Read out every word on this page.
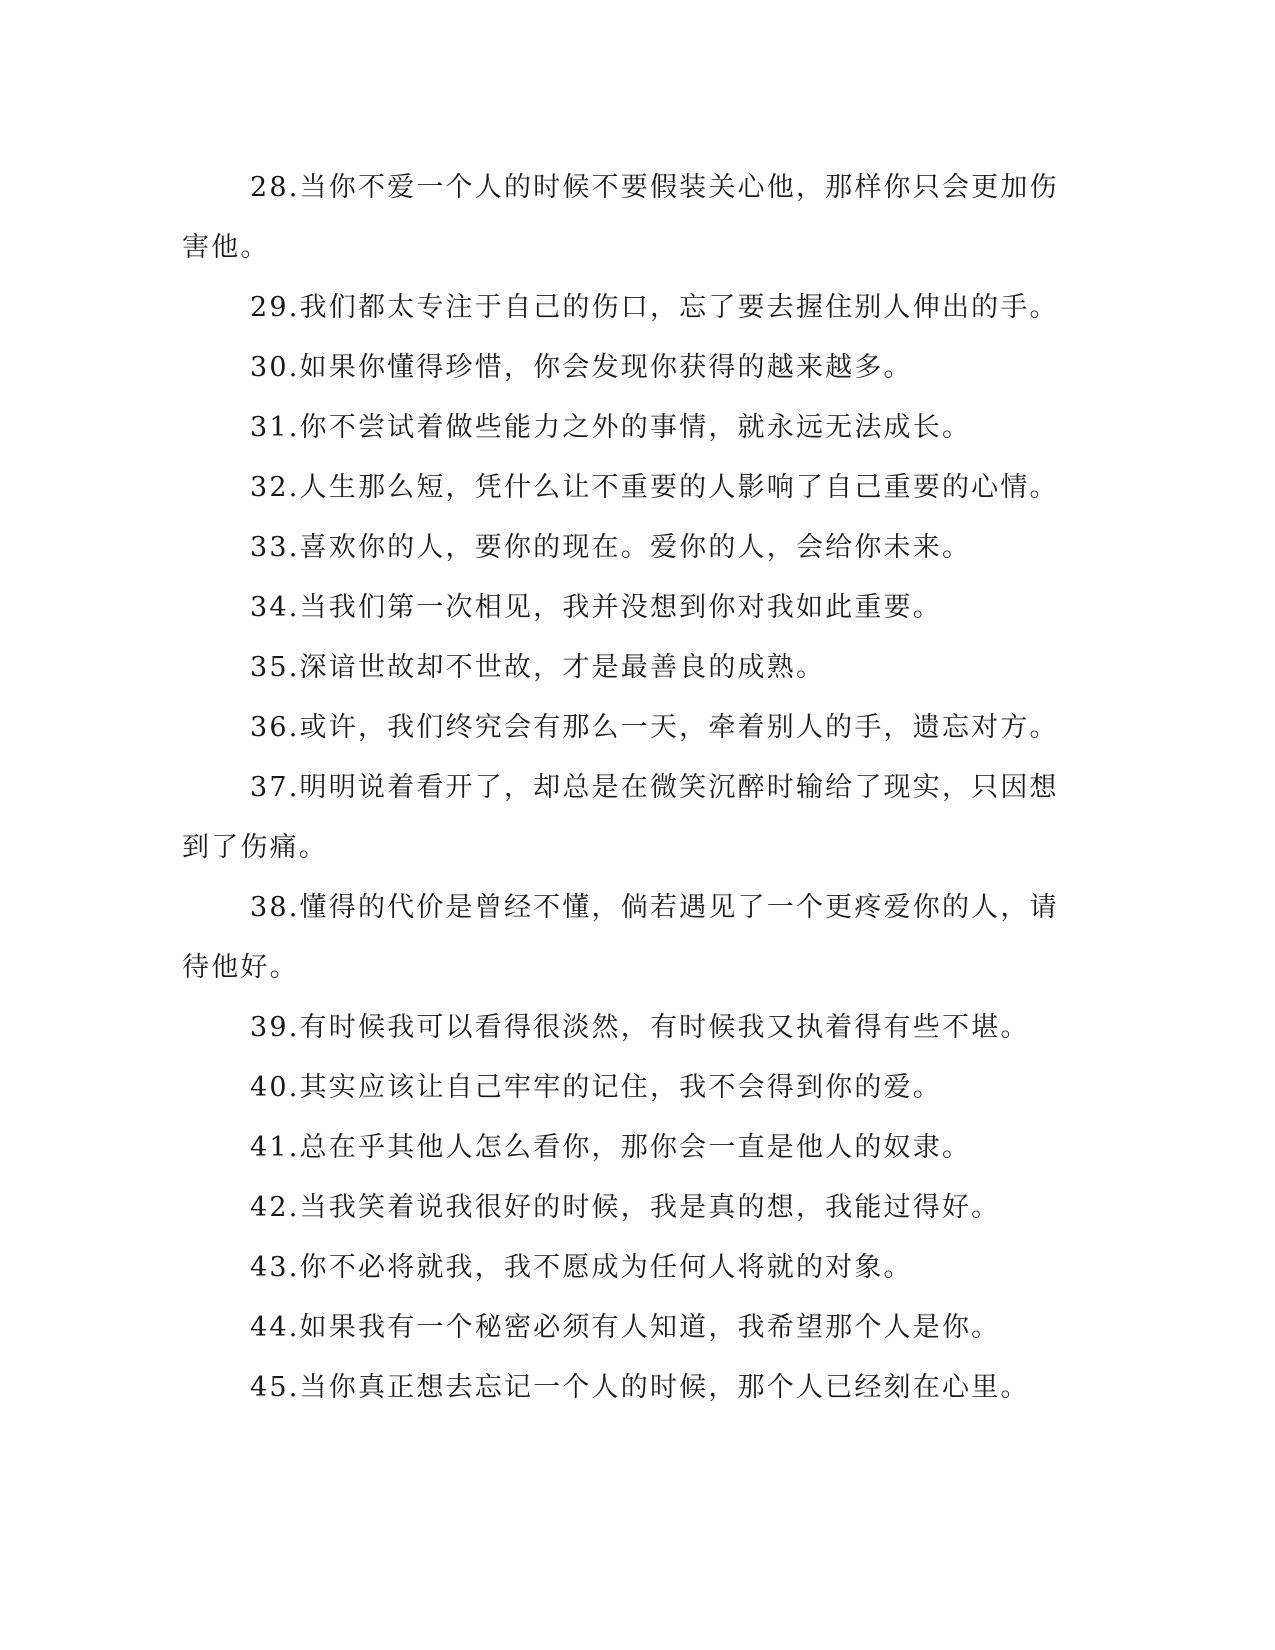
28.当你不爱一个人的时候不要假装关心他，那样你只会更加伤害他。

29.我们都太专注于自己的伤口，忘了要去握住别人伸出的手。

30.如果你懂得珍惜，你会发现你获得的越来越多。

31.你不尝试着做些能力之外的事情，就永远无法成长。

32.人生那么短，凭什么让不重要的人影响了自己重要的心情。

33.喜欢你的人，要你的现在。爱你的人，会给你未来。

34.当我们第一次相见，我并没想到你对我如此重要。

35.深谙世故却不世故，才是最善良的成熟。

36.或许，我们终究会有那么一天，牵着别人的手，遗忘对方。

37.明明说着看开了，却总是在微笑沉醉时输给了现实，只因想到了伤痛。

38.懂得的代价是曾经不懂，倘若遇见了一个更疼爱你的人，请待他好。

39.有时候我可以看得很淡然，有时候我又执着得有些不堪。

40.其实应该让自己牢牢的记住，我不会得到你的爱。

41.总在乎其他人怎么看你，那你会一直是他人的奴隶。

42.当我笑着说我很好的时候，我是真的想，我能过得好。

43.你不必将就我，我不愿成为任何人将就的对象。

44.如果我有一个秘密必须有人知道，我希望那个人是你。

45.当你真正想去忘记一个人的时候，那个人已经刻在心里。
